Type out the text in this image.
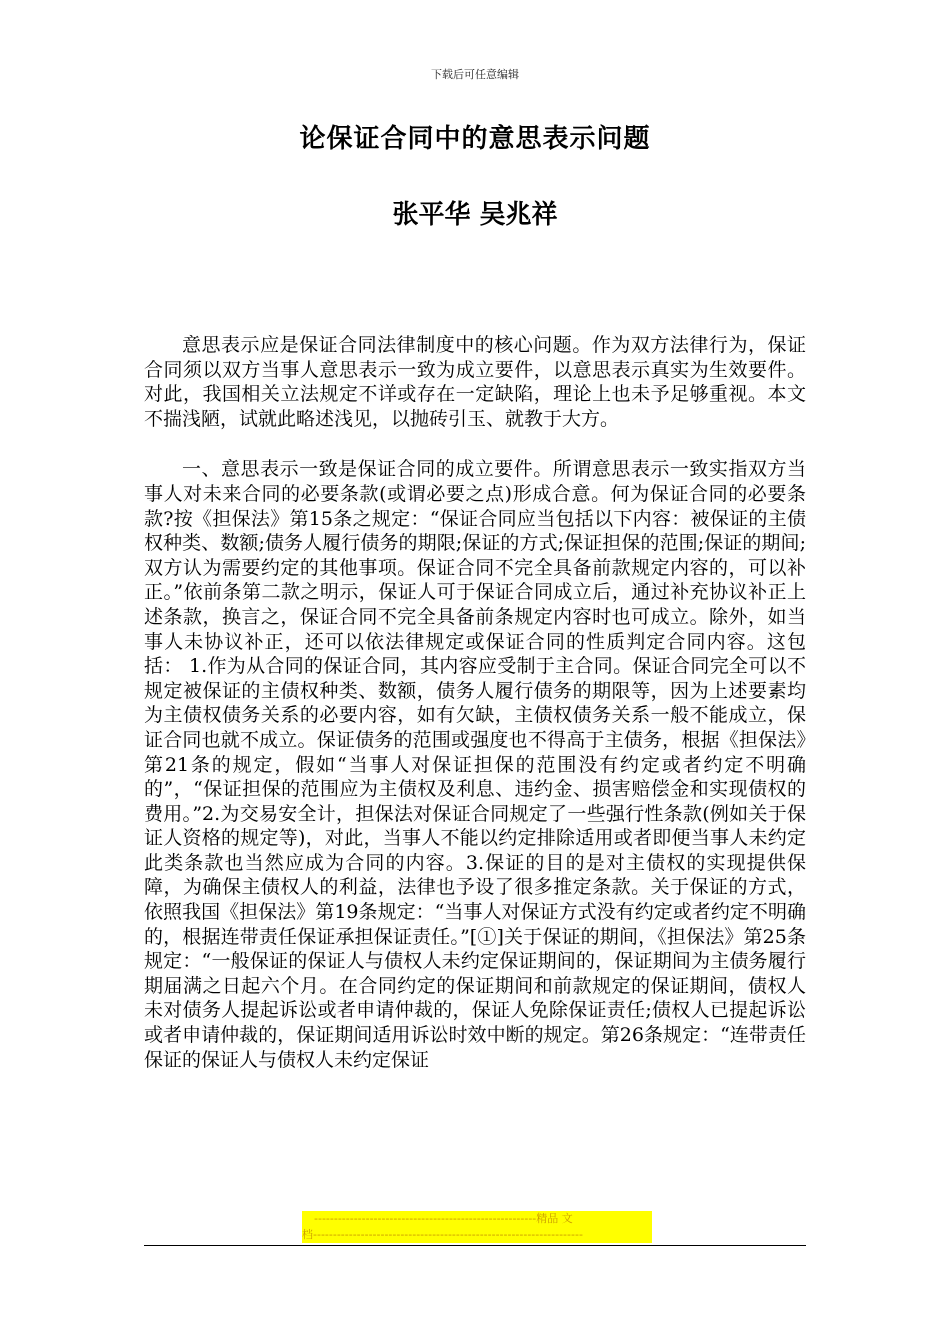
下载后可任意编辑
论保证合同中的意思表示问题
张平华 吴兆祥

意思表示应是保证合同法律制度中的核心问题。作为双方法律行为，保证合同须以双方当事人意思表示一致为成立要件，以意思表示真实为生效要件。对此，我国相关立法规定不详或存在一定缺陷，理论上也未予足够重视。本文不揣浅陋，试就此略述浅见，以抛砖引玉、就教于大方。

一、意思表示一致是保证合同的成立要件。所谓意思表示一致实指双方当事人对未来合同的必要条款(或谓必要之点)形成合意。何为保证合同的必要条款?按《担保法》第15条之规定：“保证合同应当包括以下内容：被保证的主债权种类、数额;债务人履行债务的期限;保证的方式;保证担保的范围;保证的期间;双方认为需要约定的其他事项。保证合同不完全具备前款规定内容的，可以补正。”依前条第二款之明示，保证人可于保证合同成立后，通过补充协议补正上述条款，换言之，保证合同不完全具备前条规定内容时也可成立。除外，如当事人未协议补正，还可以依法律规定或保证合同的性质判定合同内容。这包括： 1.作为从合同的保证合同，其内容应受制于主合同。保证合同完全可以不规定被保证的主债权种类、数额，债务人履行债务的期限等，因为上述要素均为主债权债务关系的必要内容，如有欠缺，主债权债务关系一般不能成立，保证合同也就不成立。保证债务的范围或强度也不得高于主债务，根据《担保法》第21条的规定，假如“当事人对保证担保的范围没有约定或者约定不明确的”，“保证担保的范围应为主债权及利息、违约金、损害赔偿金和实现债权的费用。”2.为交易安全计，担保法对保证合同规定了一些强行性条款(例如关于保证人资格的规定等)，对此，当事人不能以约定排除适用或者即便当事人未约定此类条款也当然应成为合同的内容。3.保证的目的是对主债权的实现提供保障，为确保主债权人的利益，法律也予设了很多推定条款。关于保证的方式，依照我国《担保法》第19条规定：“当事人对保证方式没有约定或者约定不明确的，根据连带责任保证承担保证责任。”[①]关于保证的期间，《担保法》第25条规定：“一般保证的保证人与债权人未约定保证期间的，保证期间为主债务履行期届满之日起六个月。在合同约定的保证期间和前款规定的保证期间，债权人未对债务人提起诉讼或者申请仲裁的，保证人免除保证责任;债权人已提起诉讼或者申请仲裁的，保证期间适用诉讼时效中断的规定。第26条规定：“连带责任保证的保证人与债权人未约定保证

--------------------------------------------------------精品 文
档--------------------------------------------------------------------
